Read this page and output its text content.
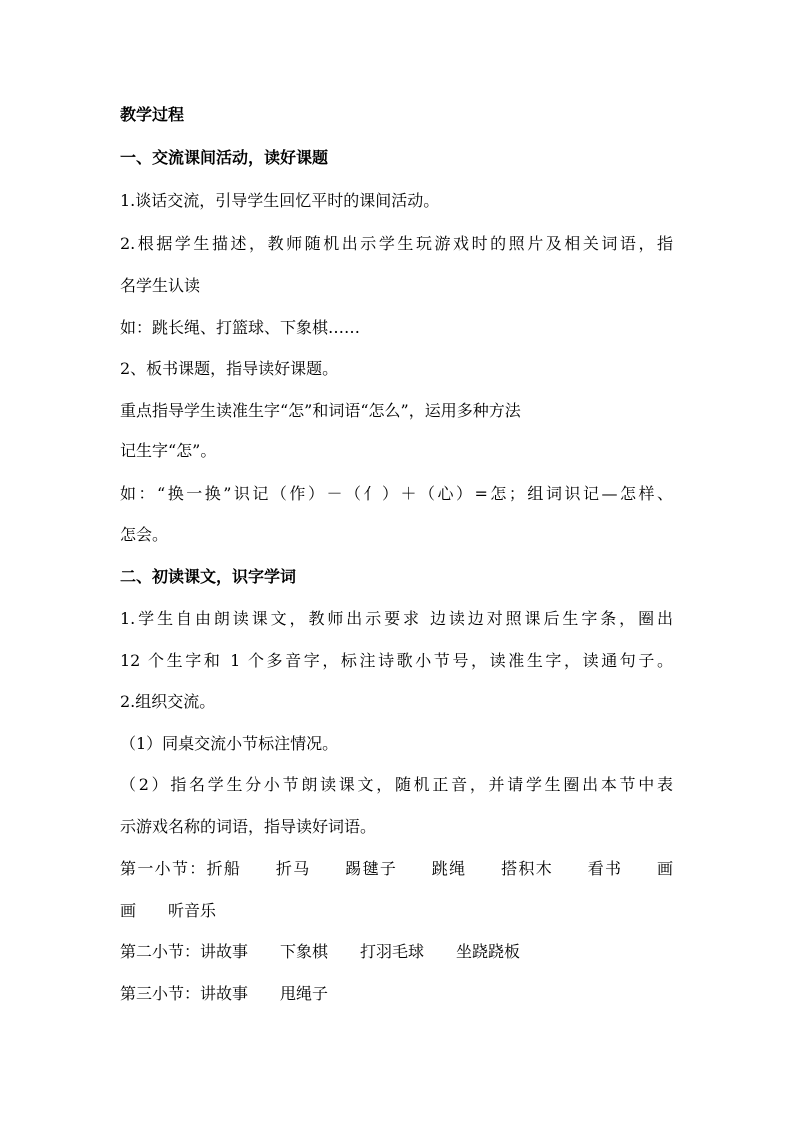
教学过程
一、交流课间活动，读好课题
1.谈话交流，引导学生回忆平时的课间活动。
2.根据学生描述，教师随机出示学生玩游戏时的照片及相关词语，指
名学生认读
如：跳长绳、打篮球、下象棋……
2、板书课题，指导读好课题。
重点指导学生读准生字“怎”和词语“怎么”，运用多种方法
记生字“怎”。
如：“换一换”识记（作）－（亻）＋（心）=怎；组词识记—怎样、
怎会。
二、初读课文，识字学词
1.学生自由朗读课文，教师出示要求 边读边对照课后生字条，圈出
12 个生字和 1 个多音字，标注诗歌小节号，读准生字，读通句子。
2.组织交流。
（1）同桌交流小节标注情况。
（2）指名学生分小节朗读课文，随机正音，并请学生圈出本节中表
示游戏名称的词语，指导读好词语。
第一小节：折船　　折马　　踢毽子　　跳绳　　搭积木　　看书　　画
画　　听音乐
第二小节：讲故事　　下象棋　　打羽毛球　　坐跷跷板
第三小节：讲故事　　甩绳子
